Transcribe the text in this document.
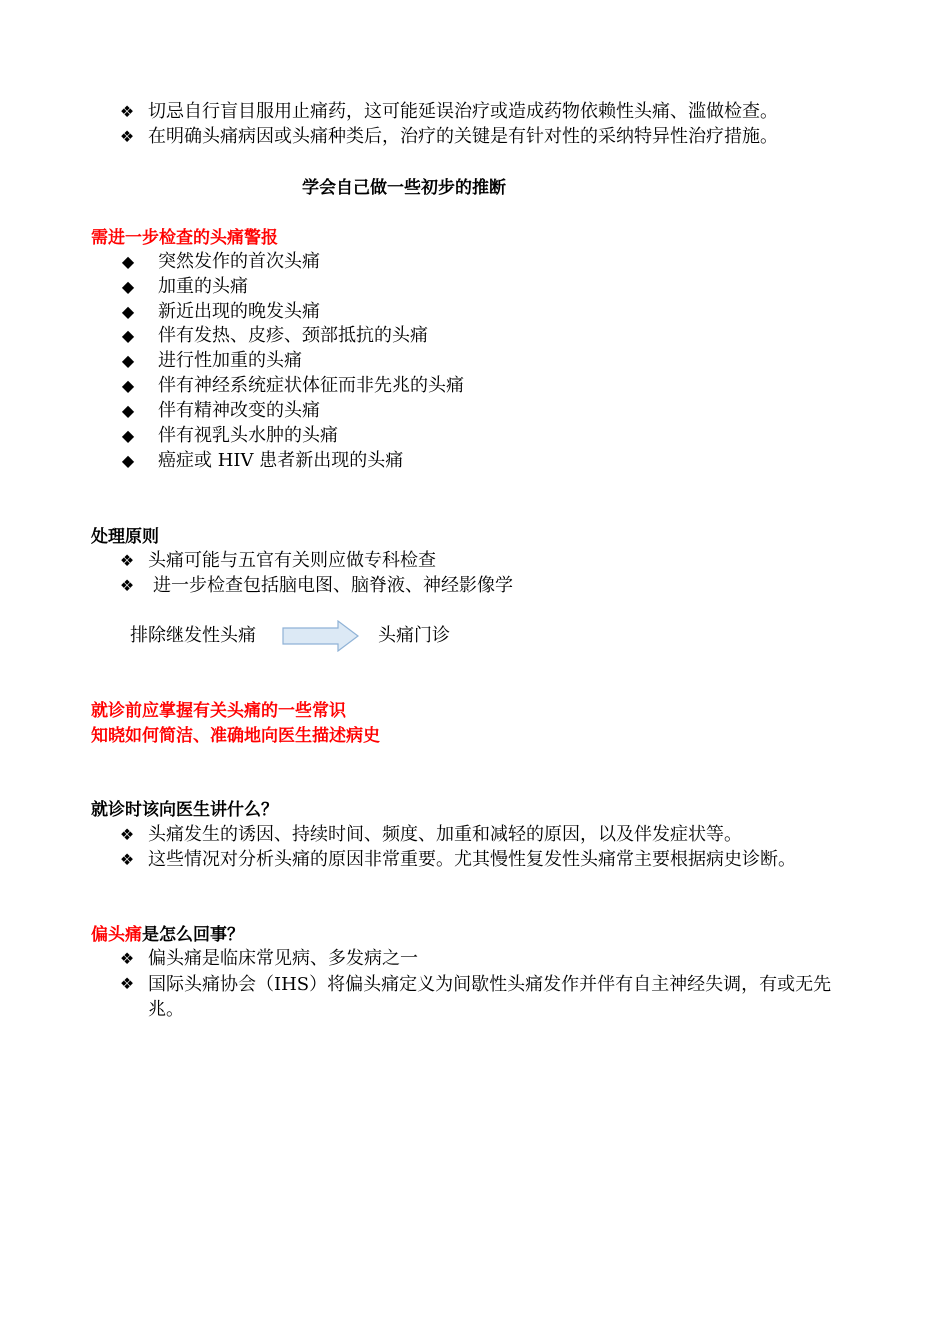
❖ 切忌自行盲目服用止痛药，这可能延误治疗或造成药物依赖性头痛、滥做检查。
❖ 在明确头痛病因或头痛种类后，治疗的关键是有针对性的采纳特异性治疗措施。
学会自己做一些初步的推断
需进一步检查的头痛警报
◆ 突然发作的首次头痛
◆ 加重的头痛
◆ 新近出现的晚发头痛
◆ 伴有发热、皮疹、颈部抵抗的头痛
◆ 进行性加重的头痛
◆ 伴有神经系统症状体征而非先兆的头痛
◆ 伴有精神改变的头痛
◆ 伴有视乳头水肿的头痛
◆ 癌症或 HIV 患者新出现的头痛
处理原则
❖ 头痛可能与五官有关则应做专科检查
❖ 进一步检查包括脑电图、脑脊液、神经影像学
排除继发性头痛	头痛门诊
就诊前应掌握有关头痛的一些常识
知晓如何简洁、准确地向医生描述病史
就诊时该向医生讲什么？
❖ 头痛发生的诱因、持续时间、频度、加重和减轻的原因，以及伴发症状等。
❖ 这些情况对分析头痛的原因非常重要。尤其慢性复发性头痛常主要根据病史诊断。
偏头痛是怎么回事？
❖ 偏头痛是临床常见病、多发病之一
❖ 国际头痛协会（IHS）将偏头痛定义为间歇性头痛发作并伴有自主神经失调，有或无先兆。
